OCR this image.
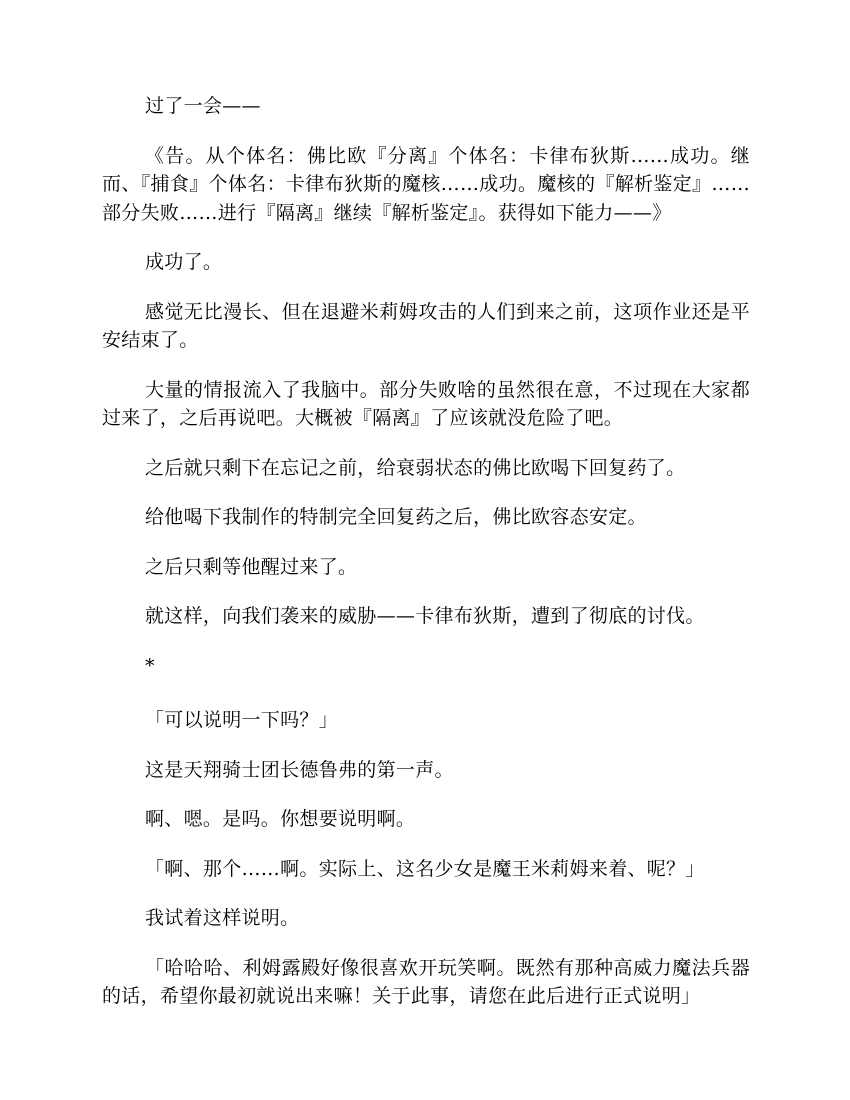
过了一会——

《告。从个体名：佛比欧『分离』个体名：卡律布狄斯……成功。继而、『捕食』个体名：卡律布狄斯的魔核……成功。魔核的『解析鉴定』……部分失败……进行『隔离』继续『解析鉴定』。获得如下能力——》

成功了。

感觉无比漫长、但在退避米莉姆攻击的人们到来之前，这项作业还是平安结束了。

大量的情报流入了我脑中。部分失败啥的虽然很在意，不过现在大家都过来了，之后再说吧。大概被『隔离』了应该就没危险了吧。

之后就只剩下在忘记之前，给衰弱状态的佛比欧喝下回复药了。

给他喝下我制作的特制完全回复药之后，佛比欧容态安定。

之后只剩等他醒过来了。

就这样，向我们袭来的威胁——卡律布狄斯，遭到了彻底的讨伐。

*

「可以说明一下吗？」

这是天翔骑士团长德鲁弗的第一声。

啊、嗯。是吗。你想要说明啊。

「啊、那个……啊。实际上、这名少女是魔王米莉姆来着、呢？」

我试着这样说明。

「哈哈哈、利姆露殿好像很喜欢开玩笑啊。既然有那种高威力魔法兵器的话，希望你最初就说出来嘛！关于此事，请您在此后进行正式说明」
